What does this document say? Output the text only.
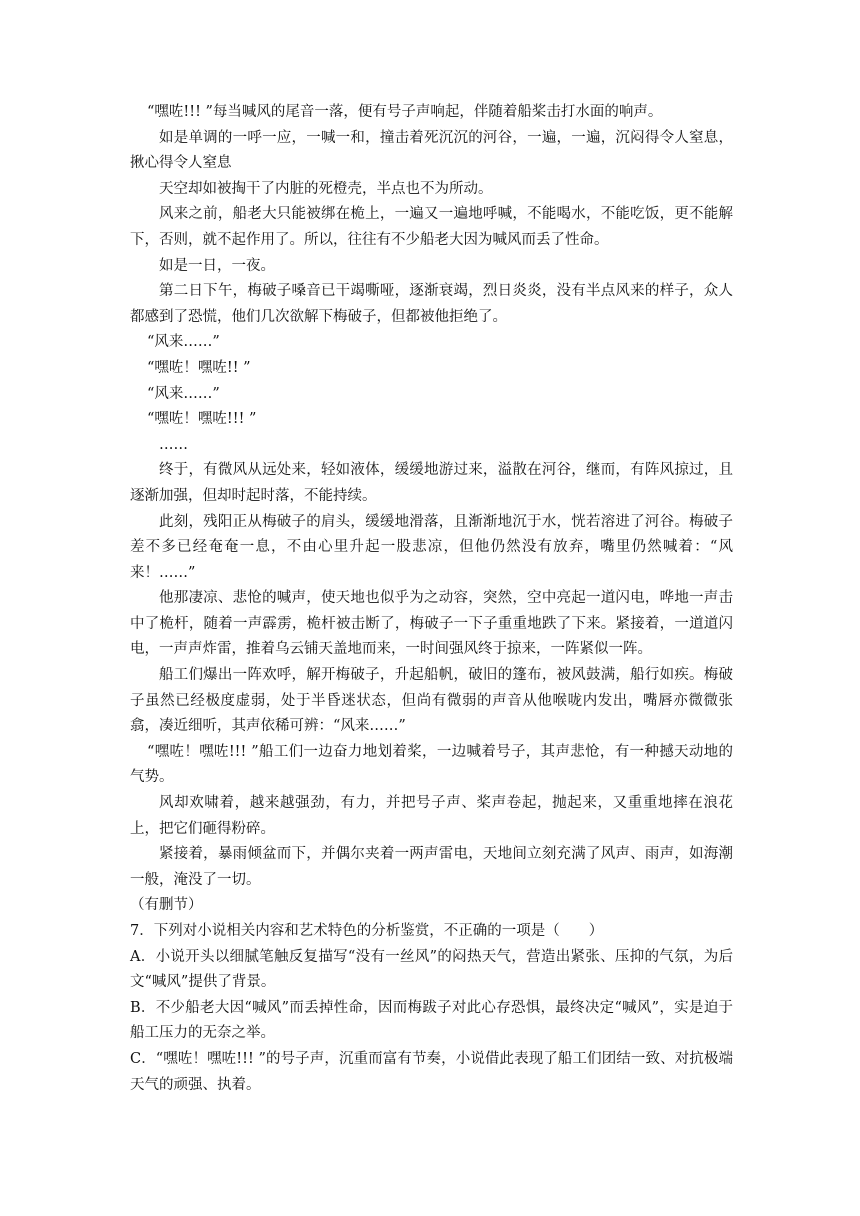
“嘿咗!!! ”每当喊风的尾音一落，便有号子声响起，伴随着船桨击打水面的响声。

如是单调的一呼一应，一喊一和，撞击着死沉沉的河谷，一遍，一遍，沉闷得令人窒息，揪心得令人窒息

天空却如被掏干了内脏的死橙壳，半点也不为所动。

风来之前，船老大只能被绑在桅上，一遍又一遍地呼喊，不能喝水，不能吃饭，更不能解下，否则，就不起作用了。所以，往往有不少船老大因为喊风而丢了性命。

如是一日，一夜。

第二日下午，梅破子嗓音已干竭嘶哑，逐渐衰竭，烈日炎炎，没有半点风来的样子，众人都感到了恐慌，他们几次欲解下梅破子，但都被他拒绝了。

“风来……”

“嘿咗！嘿咗!! ”

“风来……”

“嘿咗！嘿咗!!! ”

……

终于，有微风从远处来，轻如液体，缓缓地游过来，溢散在河谷，继而，有阵风掠过，且逐渐加强，但却时起时落，不能持续。

此刻，残阳正从梅破子的肩头，缓缓地滑落，且渐渐地沉于水，恍若溶进了河谷。梅破子差不多已经奄奄一息，不由心里升起一股悲凉，但他仍然没有放弃，嘴里仍然喊着：“风来！……”

他那凄凉、悲怆的喊声，使天地也似乎为之动容，突然，空中亮起一道闪电，哗地一声击中了桅杆，随着一声霹雳，桅杆被击断了，梅破子一下子重重地跌了下来。紧接着，一道道闪电，一声声炸雷，推着乌云铺天盖地而来，一时间强风终于掠来，一阵紧似一阵。

船工们爆出一阵欢呼，解开梅破子，升起船帆，破旧的篷布，被风鼓满，船行如疾。梅破子虽然已经极度虚弱，处于半昏迷状态，但尚有微弱的声音从他喉咙内发出，嘴唇亦微微张翕，凑近细听，其声依稀可辨：“风来……”

“嘿咗！嘿咗!!! ”船工们一边奋力地划着桨，一边喊着号子，其声悲怆，有一种撼天动地的气势。

风却欢啸着，越来越强劲，有力，并把号子声、桨声卷起，抛起来，又重重地摔在浪花上，把它们砸得粉碎。

紧接着，暴雨倾盆而下，并偶尔夹着一两声雷电，天地间立刻充满了风声、雨声，如海潮一般，淹没了一切。

（有删节）

7．下列对小说相关内容和艺术特色的分析鉴赏，不正确的一项是（　　）

A．小说开头以细腻笔触反复描写“没有一丝风”的闷热天气，营造出紧张、压抑的气氛，为后文“喊风”提供了背景。

B．不少船老大因“喊风”而丢掉性命，因而梅跋子对此心存恐惧，最终决定“喊风”，实是迫于船工压力的无奈之举。

C．“嘿咗！嘿咗!!! ”的号子声，沉重而富有节奏，小说借此表现了船工们团结一致、对抗极端天气的顽强、执着。
